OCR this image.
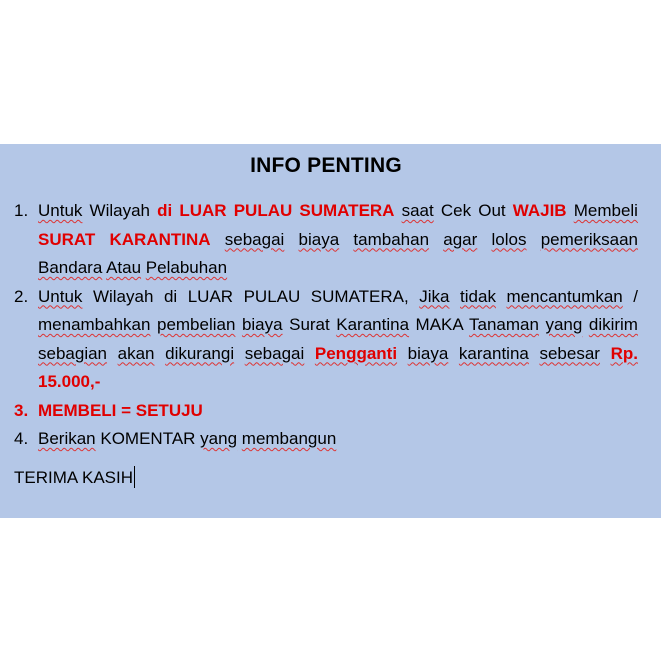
INFO PENTING
1. Untuk Wilayah di LUAR PULAU SUMATERA saat Cek Out WAJIB Membeli SURAT KARANTINA sebagai biaya tambahan agar lolos pemeriksaan Bandara Atau Pelabuhan
2. Untuk Wilayah di LUAR PULAU SUMATERA, Jika tidak mencantumkan / menambahkan pembelian biaya Surat Karantina MAKA Tanaman yang dikirim sebagian akan dikurangi sebagai Pengganti biaya karantina sebesar Rp. 15.000,-
3. MEMBELI = SETUJU
4. Berikan KOMENTAR yang membangun
TERIMA KASIH
